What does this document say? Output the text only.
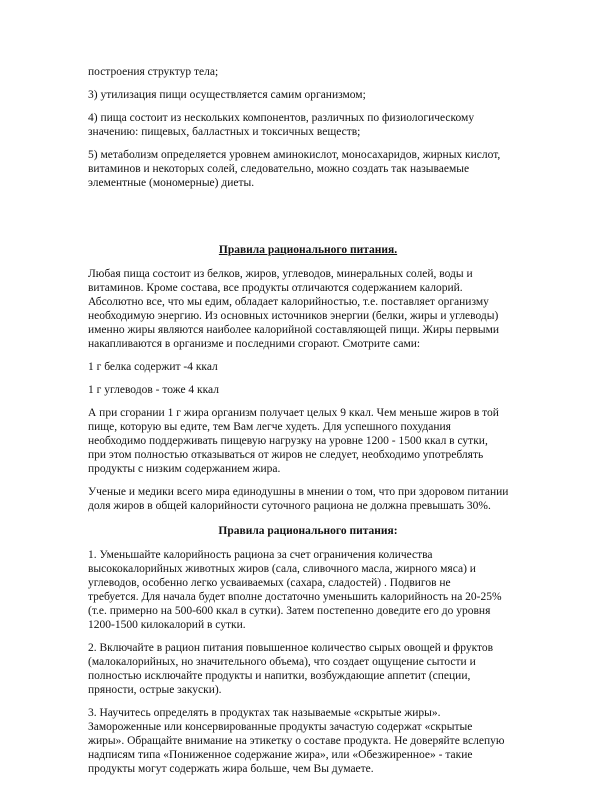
построения структур тела;
3) утилизация пищи осуществляется самим организмом;
4) пища состоит из нескольких компонентов, различных по физиологическому
значению: пищевых, балластных и токсичных веществ;
5) метаболизм определяется уровнем аминокислот, моносахаридов, жирных кислот,
витаминов и некоторых солей, следовательно, можно создать так называемые
элементные (мономерные) диеты.
Правила рационального питания.
Любая пища состоит из белков, жиров, углеводов, минеральных солей, воды и
витаминов. Кроме состава, все продукты отличаются содержанием калорий.
Абсолютно все, что мы едим, обладает калорийностью, т.е. поставляет организму
необходимую энергию. Из основных источников энергии (белки, жиры и углеводы)
именно жиры являются наиболее калорийной составляющей пищи. Жиры первыми
накапливаются в организме и последними сгорают. Смотрите сами:
1 г белка содержит -4 ккал
1 г углеводов - тоже 4 ккал
А при сгорании 1 г жира организм получает целых 9 ккал. Чем меньше жиров в той
пище, которую вы едите, тем Вам легче худеть. Для успешного похудания
необходимо поддерживать пищевую нагрузку на уровне 1200 - 1500 ккал в сутки,
при этом полностью отказываться от жиров не следует, необходимо употреблять
продукты с низким содержанием жира.
Ученые и медики всего мира единодушны в мнении о том, что при здоровом питании
доля жиров в общей калорийности суточного рациона не должна превышать 30%.
Правила рационального питания:
1. Уменьшайте калорийность рациона за счет ограничения количества
высококалорийных животных жиров (сала, сливочного масла, жирного мяса) и
углеводов, особенно легко усваиваемых (сахара, сладостей) . Подвигов не
требуется. Для начала будет вполне достаточно уменьшить калорийность на 20-25%
(т.е. примерно на 500-600 ккал в сутки). Затем постепенно доведите его до уровня
1200-1500 килокалорий в сутки.
2. Включайте в рацион питания повышенное количество сырых овощей и фруктов
(малокалорийных, но значительного объема), что создает ощущение сытости и
полностью исключайте продукты и напитки, возбуждающие аппетит (специи,
пряности, острые закуски).
3. Научитесь определять в продуктах так называемые «скрытые жиры».
Замороженные или консервированные продукты зачастую содержат «скрытые
жиры». Обращайте внимание на этикетку о составе продукта. Не доверяйте вслепую
надписям типа «Пониженное содержание жира», или «Обезжиренное» - такие
продукты могут содержать жира больше, чем Вы думаете.
